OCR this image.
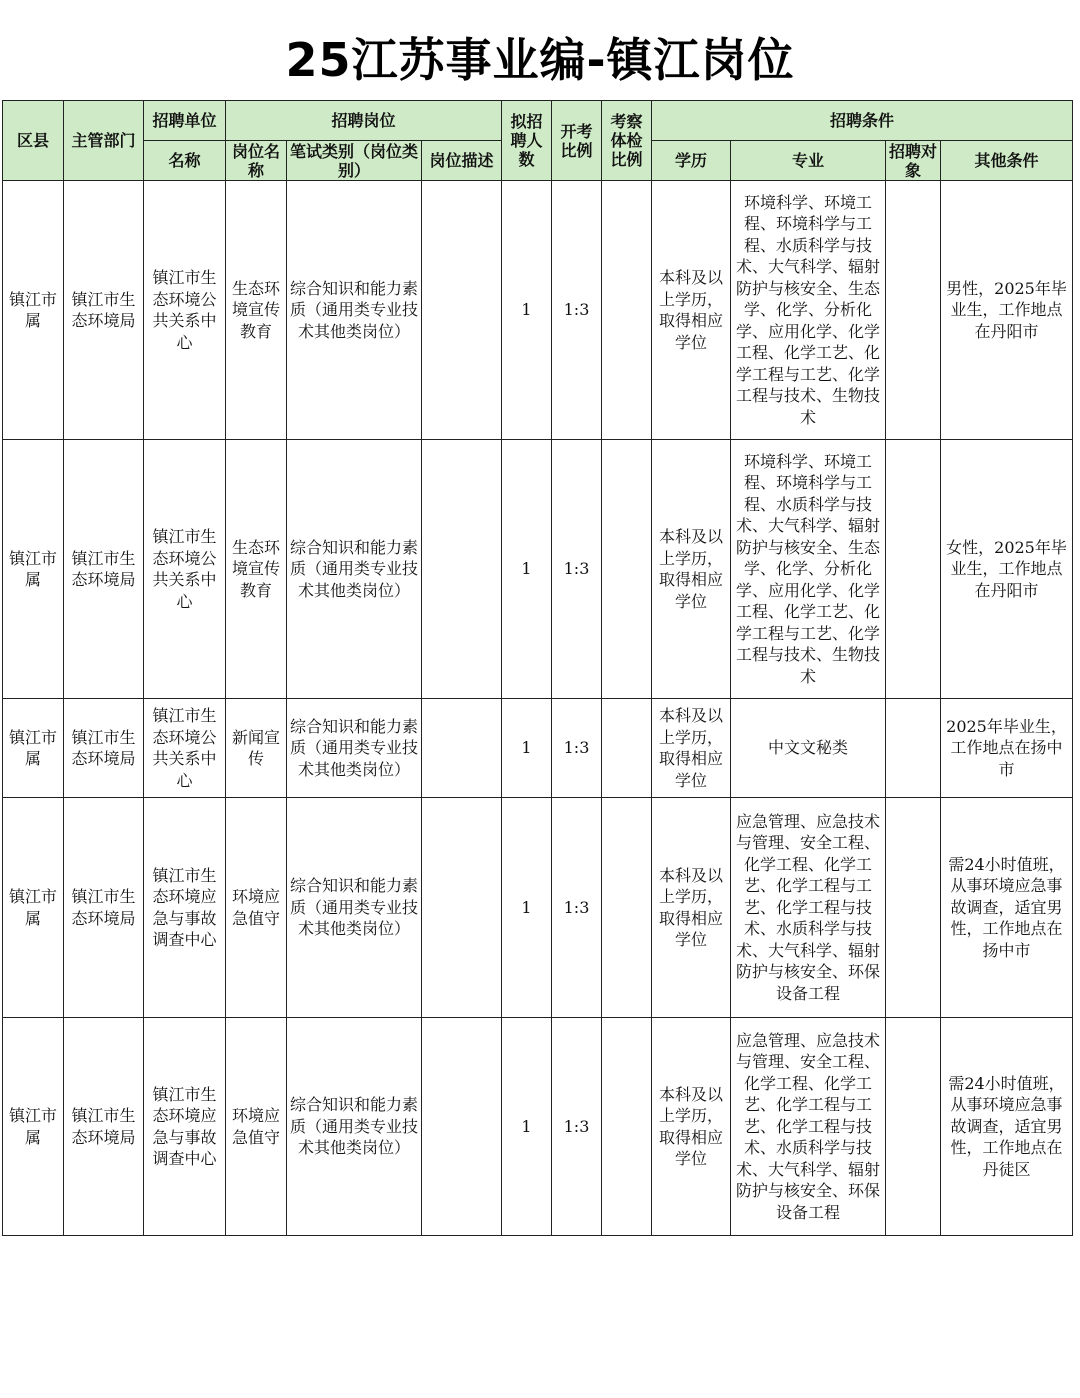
25江苏事业编-镇江岗位
区县	主管部门	招聘单位	招聘岗位			拟招聘人数	开考比例	考察体检比例	招聘条件			
		名称	岗位名称	笔试类别（岗位类别）	岗位描述				学历	专业	招聘对象	其他条件
镇江市属	镇江市生态环境局	镇江市生态环境公共关系中心	生态环境宣传教育	综合知识和能力素质（通用类专业技术其他类岗位）		1	1:3		本科及以上学历，取得相应学位	环境科学、环境工程、环境科学与工程、水质科学与技术、大气科学、辐射防护与核安全、生态学、化学、分析化学、应用化学、化学工程、化学工艺、化学工程与工艺、化学工程与技术、生物技术		男性，2025年毕业生，工作地点在丹阳市
镇江市属	镇江市生态环境局	镇江市生态环境公共关系中心	生态环境宣传教育	综合知识和能力素质（通用类专业技术其他类岗位）		1	1:3		本科及以上学历，取得相应学位	环境科学、环境工程、环境科学与工程、水质科学与技术、大气科学、辐射防护与核安全、生态学、化学、分析化学、应用化学、化学工程、化学工艺、化学工程与工艺、化学工程与技术、生物技术		女性，2025年毕业生，工作地点在丹阳市
镇江市属	镇江市生态环境局	镇江市生态环境公共关系中心	新闻宣传	综合知识和能力素质（通用类专业技术其他类岗位）		1	1:3		本科及以上学历，取得相应学位	中文文秘类		2025年毕业生，工作地点在扬中市
镇江市属	镇江市生态环境局	镇江市生态环境应急与事故调查中心	环境应急值守	综合知识和能力素质（通用类专业技术其他类岗位）		1	1:3		本科及以上学历，取得相应学位	应急管理、应急技术与管理、安全工程、化学工程、化学工艺、化学工程与工艺、化学工程与技术、水质科学与技术、大气科学、辐射防护与核安全、环保设备工程		需24小时值班，从事环境应急事故调查，适宜男性，工作地点在扬中市
镇江市属	镇江市生态环境局	镇江市生态环境应急与事故调查中心	环境应急值守	综合知识和能力素质（通用类专业技术其他类岗位）		1	1:3		本科及以上学历，取得相应学位	应急管理、应急技术与管理、安全工程、化学工程、化学工艺、化学工程与工艺、化学工程与技术、水质科学与技术、大气科学、辐射防护与核安全、环保设备工程		需24小时值班，从事环境应急事故调查，适宜男性，工作地点在丹徒区
